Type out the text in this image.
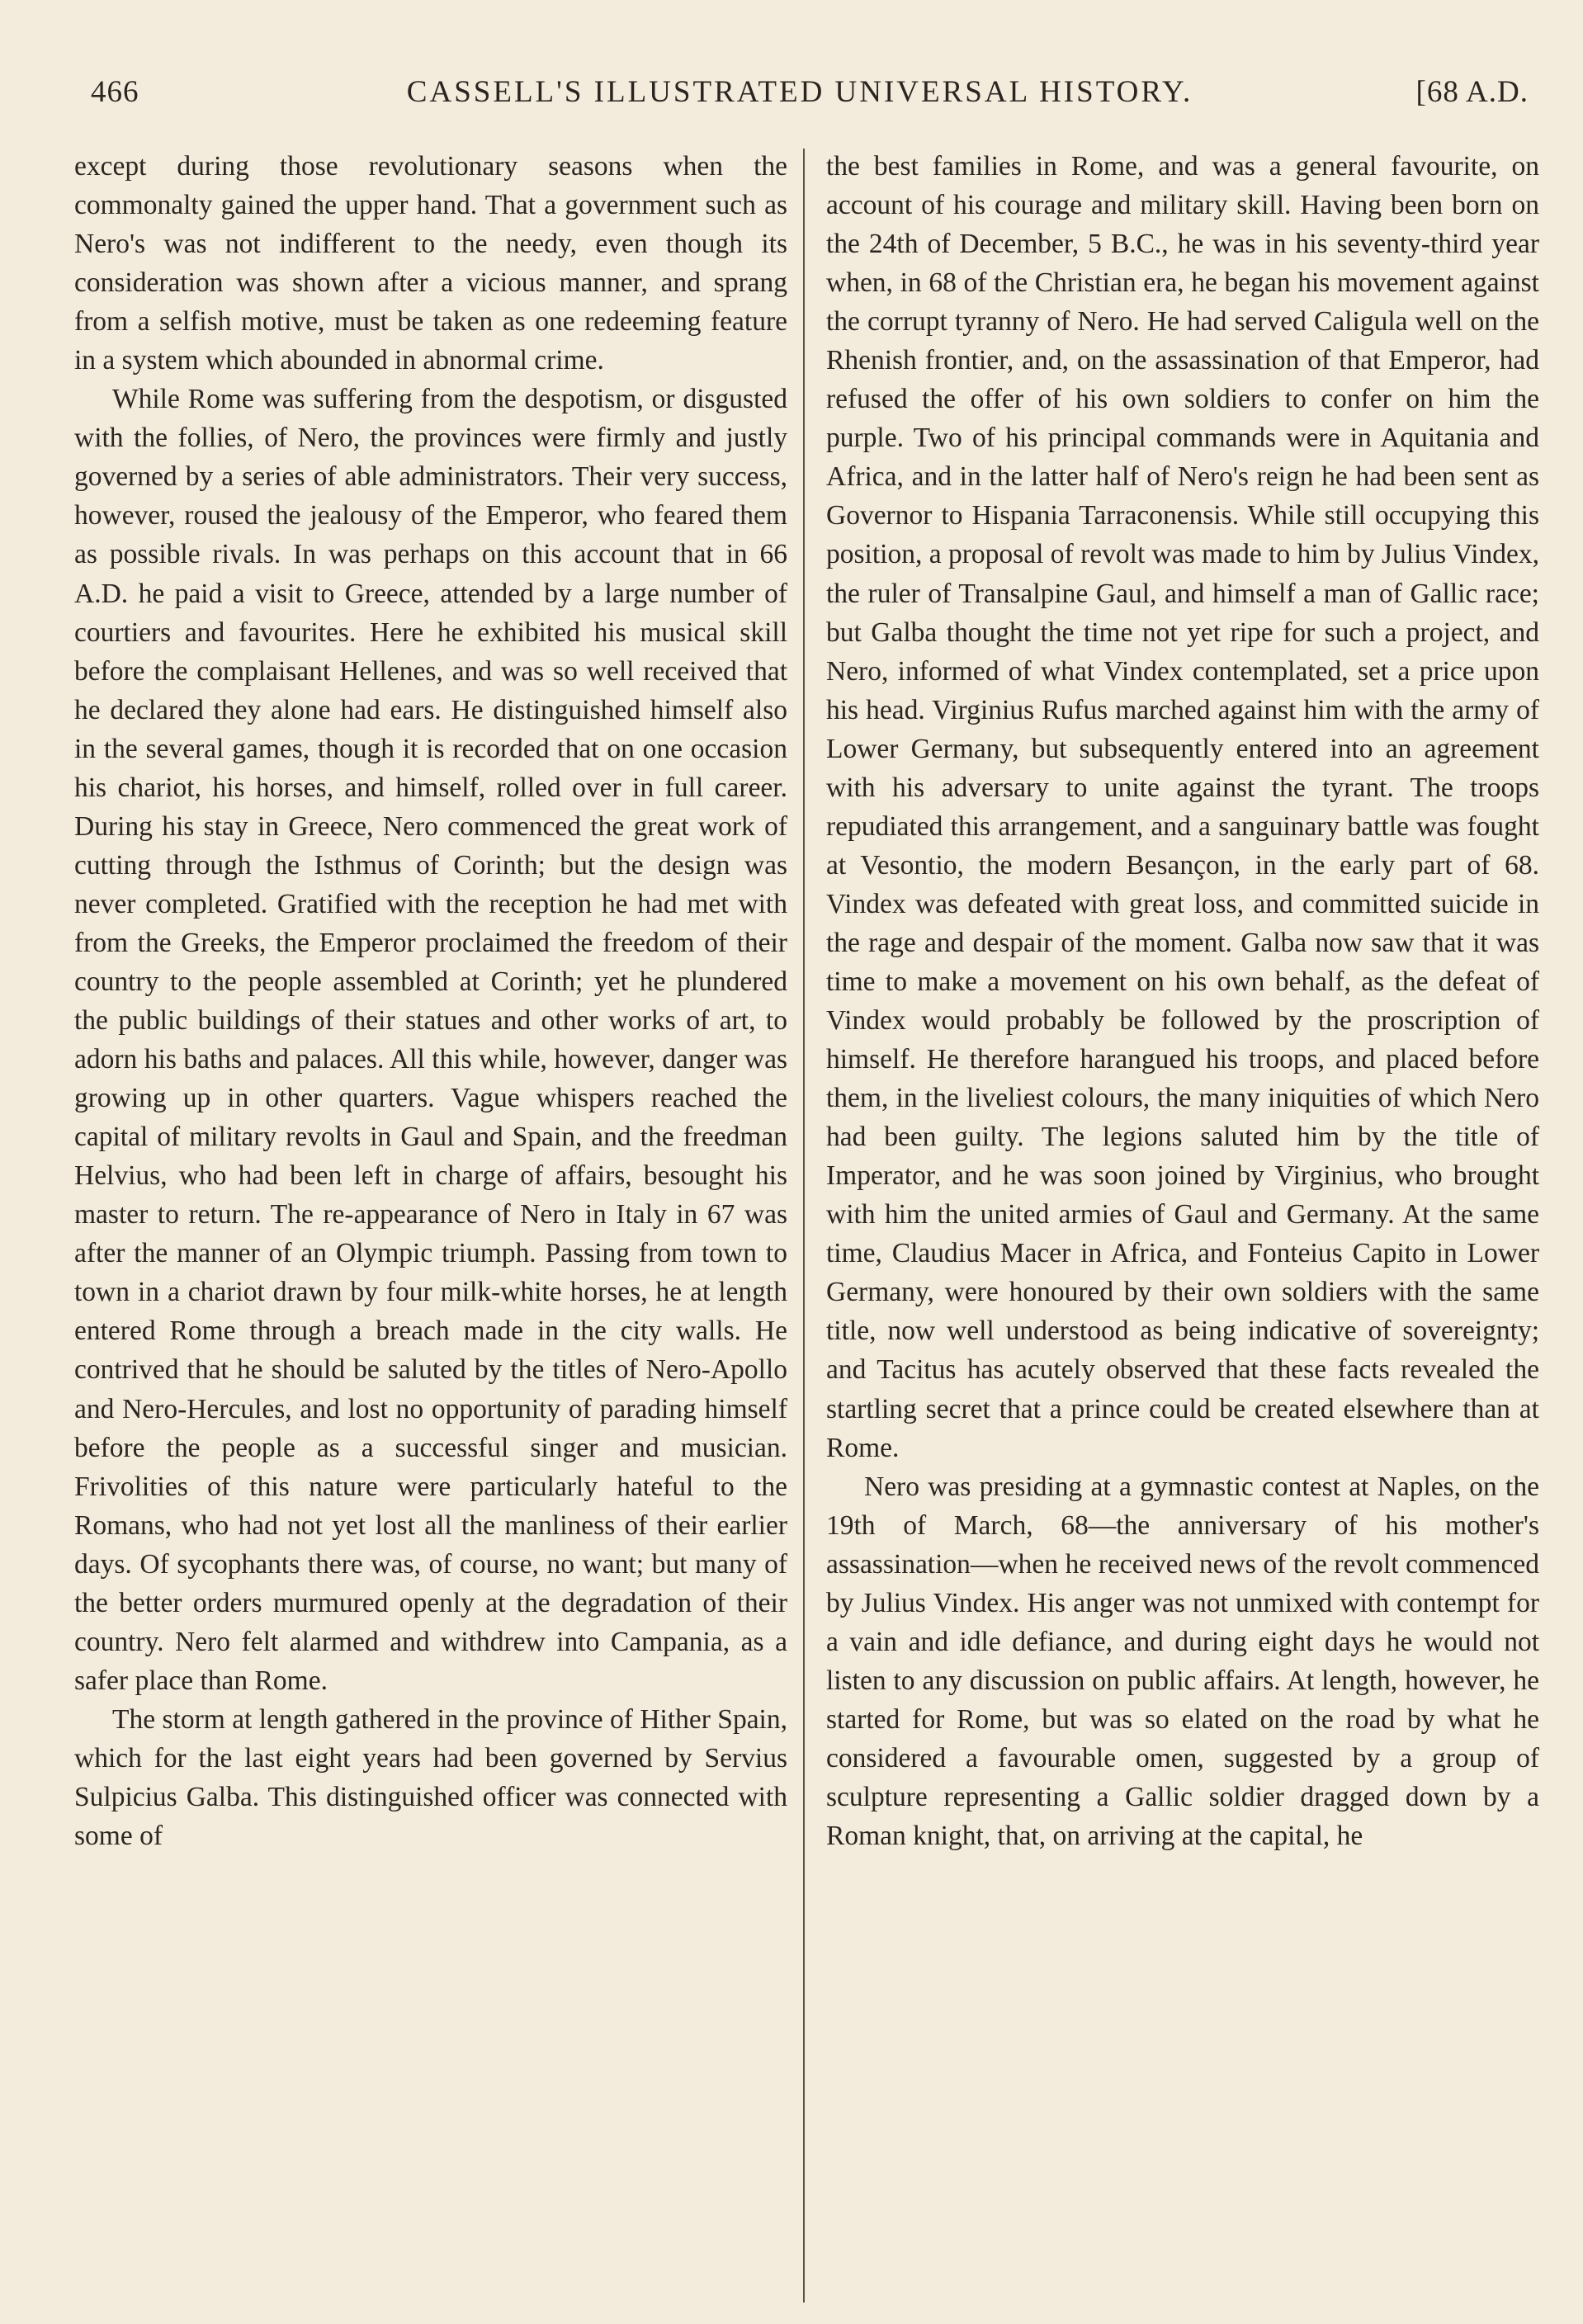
466	CASSELL'S ILLUSTRATED UNIVERSAL HISTORY.	[68 A.D.

except during those revolutionary seasons when the commonalty gained the upper hand. That a government such as Nero's was not indifferent to the needy, even though its consideration was shown after a vicious manner, and sprang from a selfish motive, must be taken as one redeeming feature in a system which abounded in abnormal crime.

While Rome was suffering from the despotism, or disgusted with the follies, of Nero, the provinces were firmly and justly governed by a series of able administrators. Their very success, however, roused the jealousy of the Emperor, who feared them as possible rivals. In was perhaps on this account that in 66 A.D. he paid a visit to Greece, attended by a large number of courtiers and favourites. Here he exhibited his musical skill before the complaisant Hellenes, and was so well received that he declared they alone had ears. He distinguished himself also in the several games, though it is recorded that on one occasion his chariot, his horses, and himself, rolled over in full career. During his stay in Greece, Nero commenced the great work of cutting through the Isthmus of Corinth; but the design was never completed. Gratified with the reception he had met with from the Greeks, the Emperor proclaimed the freedom of their country to the people assembled at Corinth; yet he plundered the public buildings of their statues and other works of art, to adorn his baths and palaces. All this while, however, danger was growing up in other quarters. Vague whispers reached the capital of military revolts in Gaul and Spain, and the freedman Helvius, who had been left in charge of affairs, besought his master to return. The re-appearance of Nero in Italy in 67 was after the manner of an Olympic triumph. Passing from town to town in a chariot drawn by four milk-white horses, he at length entered Rome through a breach made in the city walls. He contrived that he should be saluted by the titles of Nero-Apollo and Nero-Hercules, and lost no opportunity of parading himself before the people as a successful singer and musician. Frivolities of this nature were particularly hateful to the Romans, who had not yet lost all the manliness of their earlier days. Of sycophants there was, of course, no want; but many of the better orders murmured openly at the degradation of their country. Nero felt alarmed and withdrew into Campania, as a safer place than Rome.

The storm at length gathered in the province of Hither Spain, which for the last eight years had been governed by Servius Sulpicius Galba. This distinguished officer was connected with some of

the best families in Rome, and was a general favourite, on account of his courage and military skill. Having been born on the 24th of December, 5 B.C., he was in his seventy-third year when, in 68 of the Christian era, he began his movement against the corrupt tyranny of Nero. He had served Caligula well on the Rhenish frontier, and, on the assassination of that Emperor, had refused the offer of his own soldiers to confer on him the purple. Two of his principal commands were in Aquitania and Africa, and in the latter half of Nero's reign he had been sent as Governor to Hispania Tarraconensis. While still occupying this position, a proposal of revolt was made to him by Julius Vindex, the ruler of Transalpine Gaul, and himself a man of Gallic race; but Galba thought the time not yet ripe for such a project, and Nero, informed of what Vindex contemplated, set a price upon his head. Virginius Rufus marched against him with the army of Lower Germany, but subsequently entered into an agreement with his adversary to unite against the tyrant. The troops repudiated this arrangement, and a sanguinary battle was fought at Vesontio, the modern Besançon, in the early part of 68. Vindex was defeated with great loss, and committed suicide in the rage and despair of the moment. Galba now saw that it was time to make a movement on his own behalf, as the defeat of Vindex would probably be followed by the proscription of himself. He therefore harangued his troops, and placed before them, in the liveliest colours, the many iniquities of which Nero had been guilty. The legions saluted him by the title of Imperator, and he was soon joined by Virginius, who brought with him the united armies of Gaul and Germany. At the same time, Claudius Macer in Africa, and Fonteius Capito in Lower Germany, were honoured by their own soldiers with the same title, now well understood as being indicative of sovereignty; and Tacitus has acutely observed that these facts revealed the startling secret that a prince could be created elsewhere than at Rome.

Nero was presiding at a gymnastic contest at Naples, on the 19th of March, 68—the anniversary of his mother's assassination—when he received news of the revolt commenced by Julius Vindex. His anger was not unmixed with contempt for a vain and idle defiance, and during eight days he would not listen to any discussion on public affairs. At length, however, he started for Rome, but was so elated on the road by what he considered a favourable omen, suggested by a group of sculpture representing a Gallic soldier dragged down by a Roman knight, that, on arriving at the capital, he
